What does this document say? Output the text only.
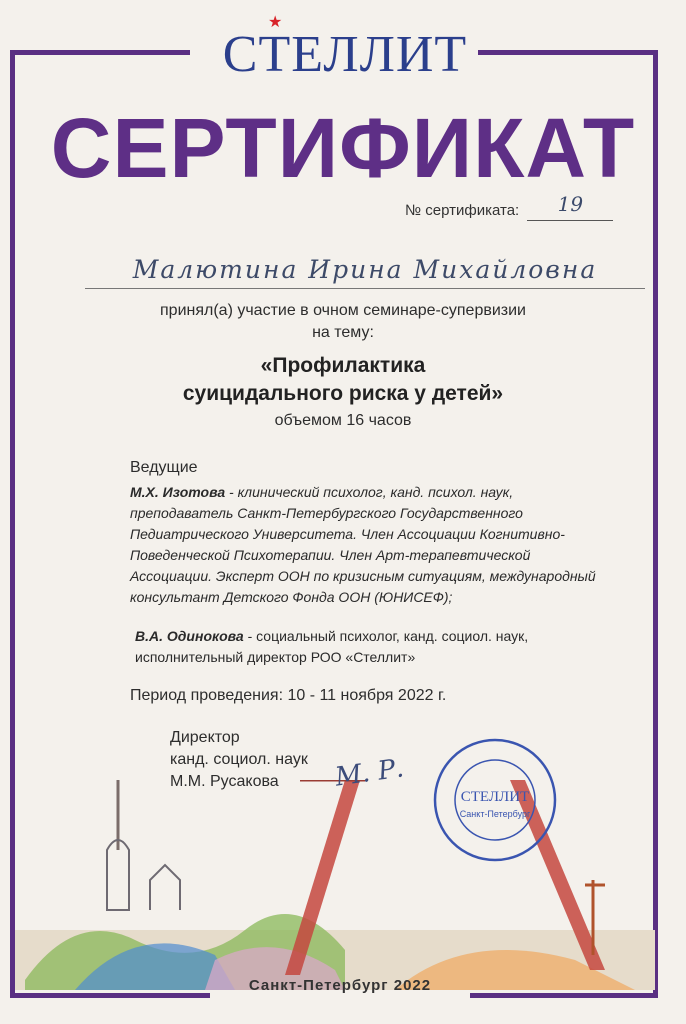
СТЕЛЛИТ
★
СЕРТИФИКАТ
№ сертификата: 19
Малютина Ирина Михайловна
принял(а) участие в очном семинаре-супервизии
на тему:
«Профилактика
суицидального риска у детей»
объемом 16 часов
Ведущие

М.Х. Изотова - клинический психолог, канд. психол. наук, преподаватель Санкт-Петербургского Государственного Педиатрического Университета. Член Ассоциации Когнитивно-Поведенческой Психотерапии. Член Арт-терапевтической Ассоциации. Эксперт ООН по кризисным ситуациям, международный консультант Детского Фонда ООН (ЮНИСЕФ);

В.А. Одинокова - социальный психолог, канд. социол. наук, исполнительный директор РОО «Стеллит»

Период проведения: 10 - 11 ноября 2022 г.
Директор
канд. социол. наук
М.М. Русакова	М. Р.
СТЕЛЛИТ
Санкт-Петербург
Санкт-Петербург 2022
